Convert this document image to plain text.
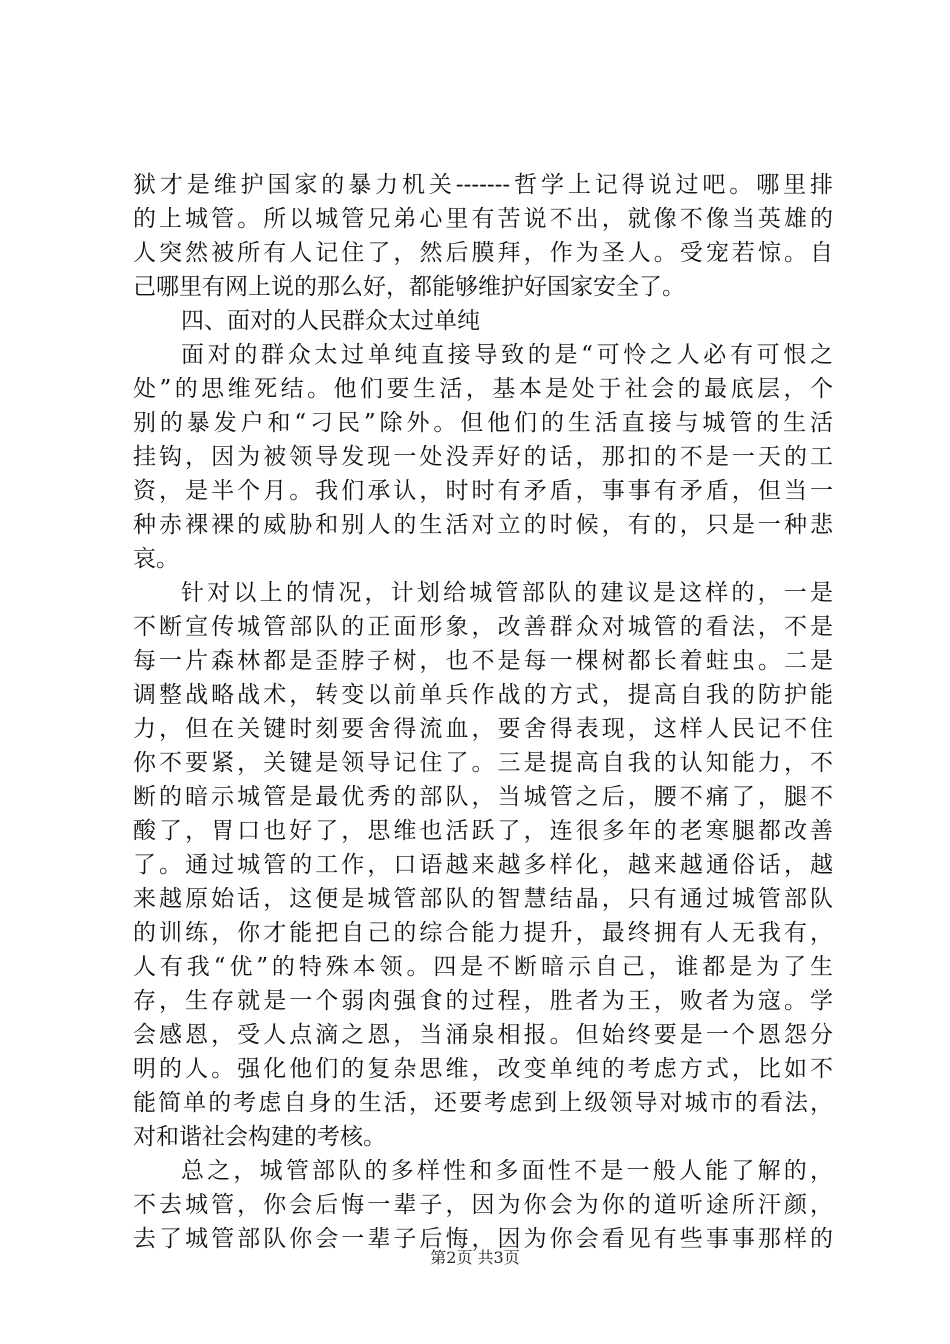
狱才是维护国家的暴力机关-------哲学上记得说过吧。哪里排
的上城管。所以城管兄弟心里有苦说不出，就像不像当英雄的
人突然被所有人记住了，然后膜拜，作为圣人。受宠若惊。自
己哪里有网上说的那么好，都能够维护好国家安全了。
四、面对的人民群众太过单纯
面对的群众太过单纯直接导致的是“可怜之人必有可恨之
处”的思维死结。他们要生活，基本是处于社会的最底层，个
别的暴发户和“刁民”除外。但他们的生活直接与城管的生活
挂钩，因为被领导发现一处没弄好的话，那扣的不是一天的工
资，是半个月。我们承认，时时有矛盾，事事有矛盾，但当一
种赤裸裸的威胁和别人的生活对立的时候，有的，只是一种悲
哀。
针对以上的情况，计划给城管部队的建议是这样的，一是
不断宣传城管部队的正面形象，改善群众对城管的看法，不是
每一片森林都是歪脖子树，也不是每一棵树都长着蛀虫。二是
调整战略战术，转变以前单兵作战的方式，提高自我的防护能
力，但在关键时刻要舍得流血，要舍得表现，这样人民记不住
你不要紧，关键是领导记住了。三是提高自我的认知能力，不
断的暗示城管是最优秀的部队，当城管之后，腰不痛了，腿不
酸了，胃口也好了，思维也活跃了，连很多年的老寒腿都改善
了。通过城管的工作，口语越来越多样化，越来越通俗话，越
来越原始话，这便是城管部队的智慧结晶，只有通过城管部队
的训练，你才能把自己的综合能力提升，最终拥有人无我有，
人有我“优”的特殊本领。四是不断暗示自己，谁都是为了生
存，生存就是一个弱肉强食的过程，胜者为王，败者为寇。学
会感恩，受人点滴之恩，当涌泉相报。但始终要是一个恩怨分
明的人。强化他们的复杂思维，改变单纯的考虑方式，比如不
能简单的考虑自身的生活，还要考虑到上级领导对城市的看法，
对和谐社会构建的考核。
总之，城管部队的多样性和多面性不是一般人能了解的，
不去城管，你会后悔一辈子，因为你会为你的道听途所汗颜，
去了城管部队你会一辈子后悔，因为你会看见有些事事那样的
第2页 共3页
